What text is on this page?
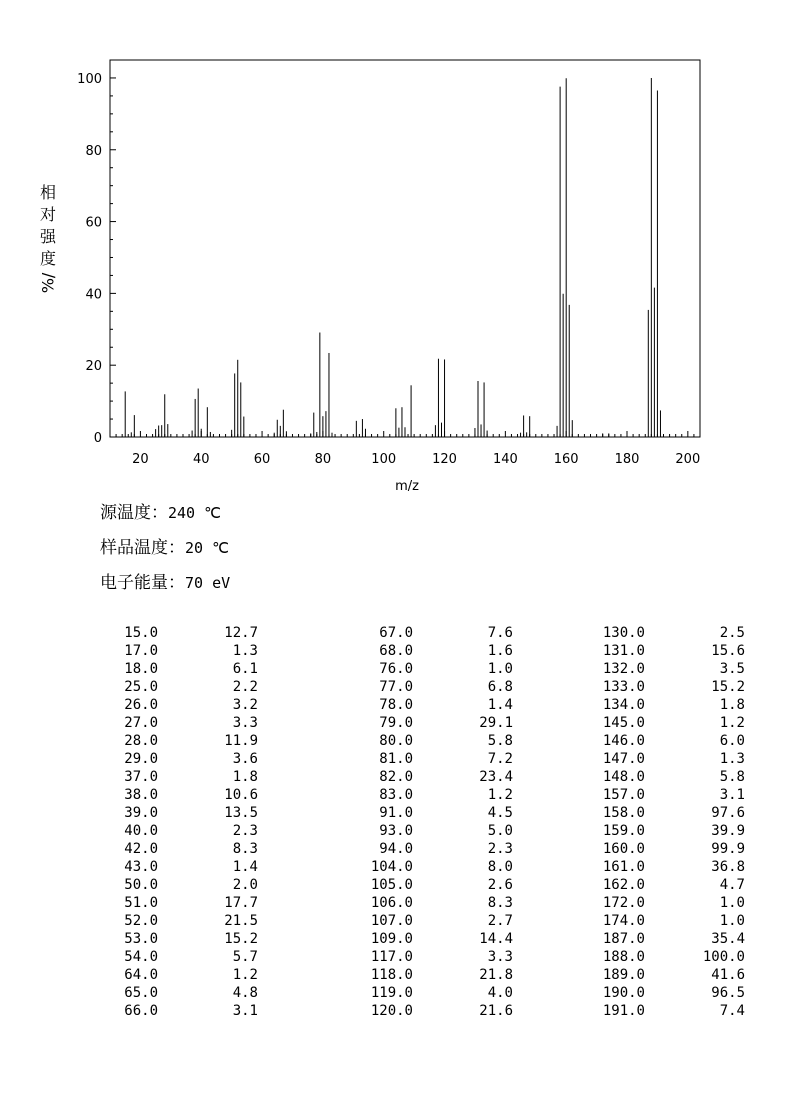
20	40	60	80	100	120	140	160	180	200
0
20
40
60
80
100
m/z
相
对
强
度
%/
源温度：240 ℃
样品温度：20 ℃
电子能量：70 eV
15.0	12.7	67.0	7.6	130.0	2.5
17.0	1.3	68.0	1.6	131.0	15.6
18.0	6.1	76.0	1.0	132.0	3.5
25.0	2.2	77.0	6.8	133.0	15.2
26.0	3.2	78.0	1.4	134.0	1.8
27.0	3.3	79.0	29.1	145.0	1.2
28.0	11.9	80.0	5.8	146.0	6.0
29.0	3.6	81.0	7.2	147.0	1.3
37.0	1.8	82.0	23.4	148.0	5.8
38.0	10.6	83.0	1.2	157.0	3.1
39.0	13.5	91.0	4.5	158.0	97.6
40.0	2.3	93.0	5.0	159.0	39.9
42.0	8.3	94.0	2.3	160.0	99.9
43.0	1.4	104.0	8.0	161.0	36.8
50.0	2.0	105.0	2.6	162.0	4.7
51.0	17.7	106.0	8.3	172.0	1.0
52.0	21.5	107.0	2.7	174.0	1.0
53.0	15.2	109.0	14.4	187.0	35.4
54.0	5.7	117.0	3.3	188.0	100.0
64.0	1.2	118.0	21.8	189.0	41.6
65.0	4.8	119.0	4.0	190.0	96.5
66.0	3.1	120.0	21.6	191.0	7.4
